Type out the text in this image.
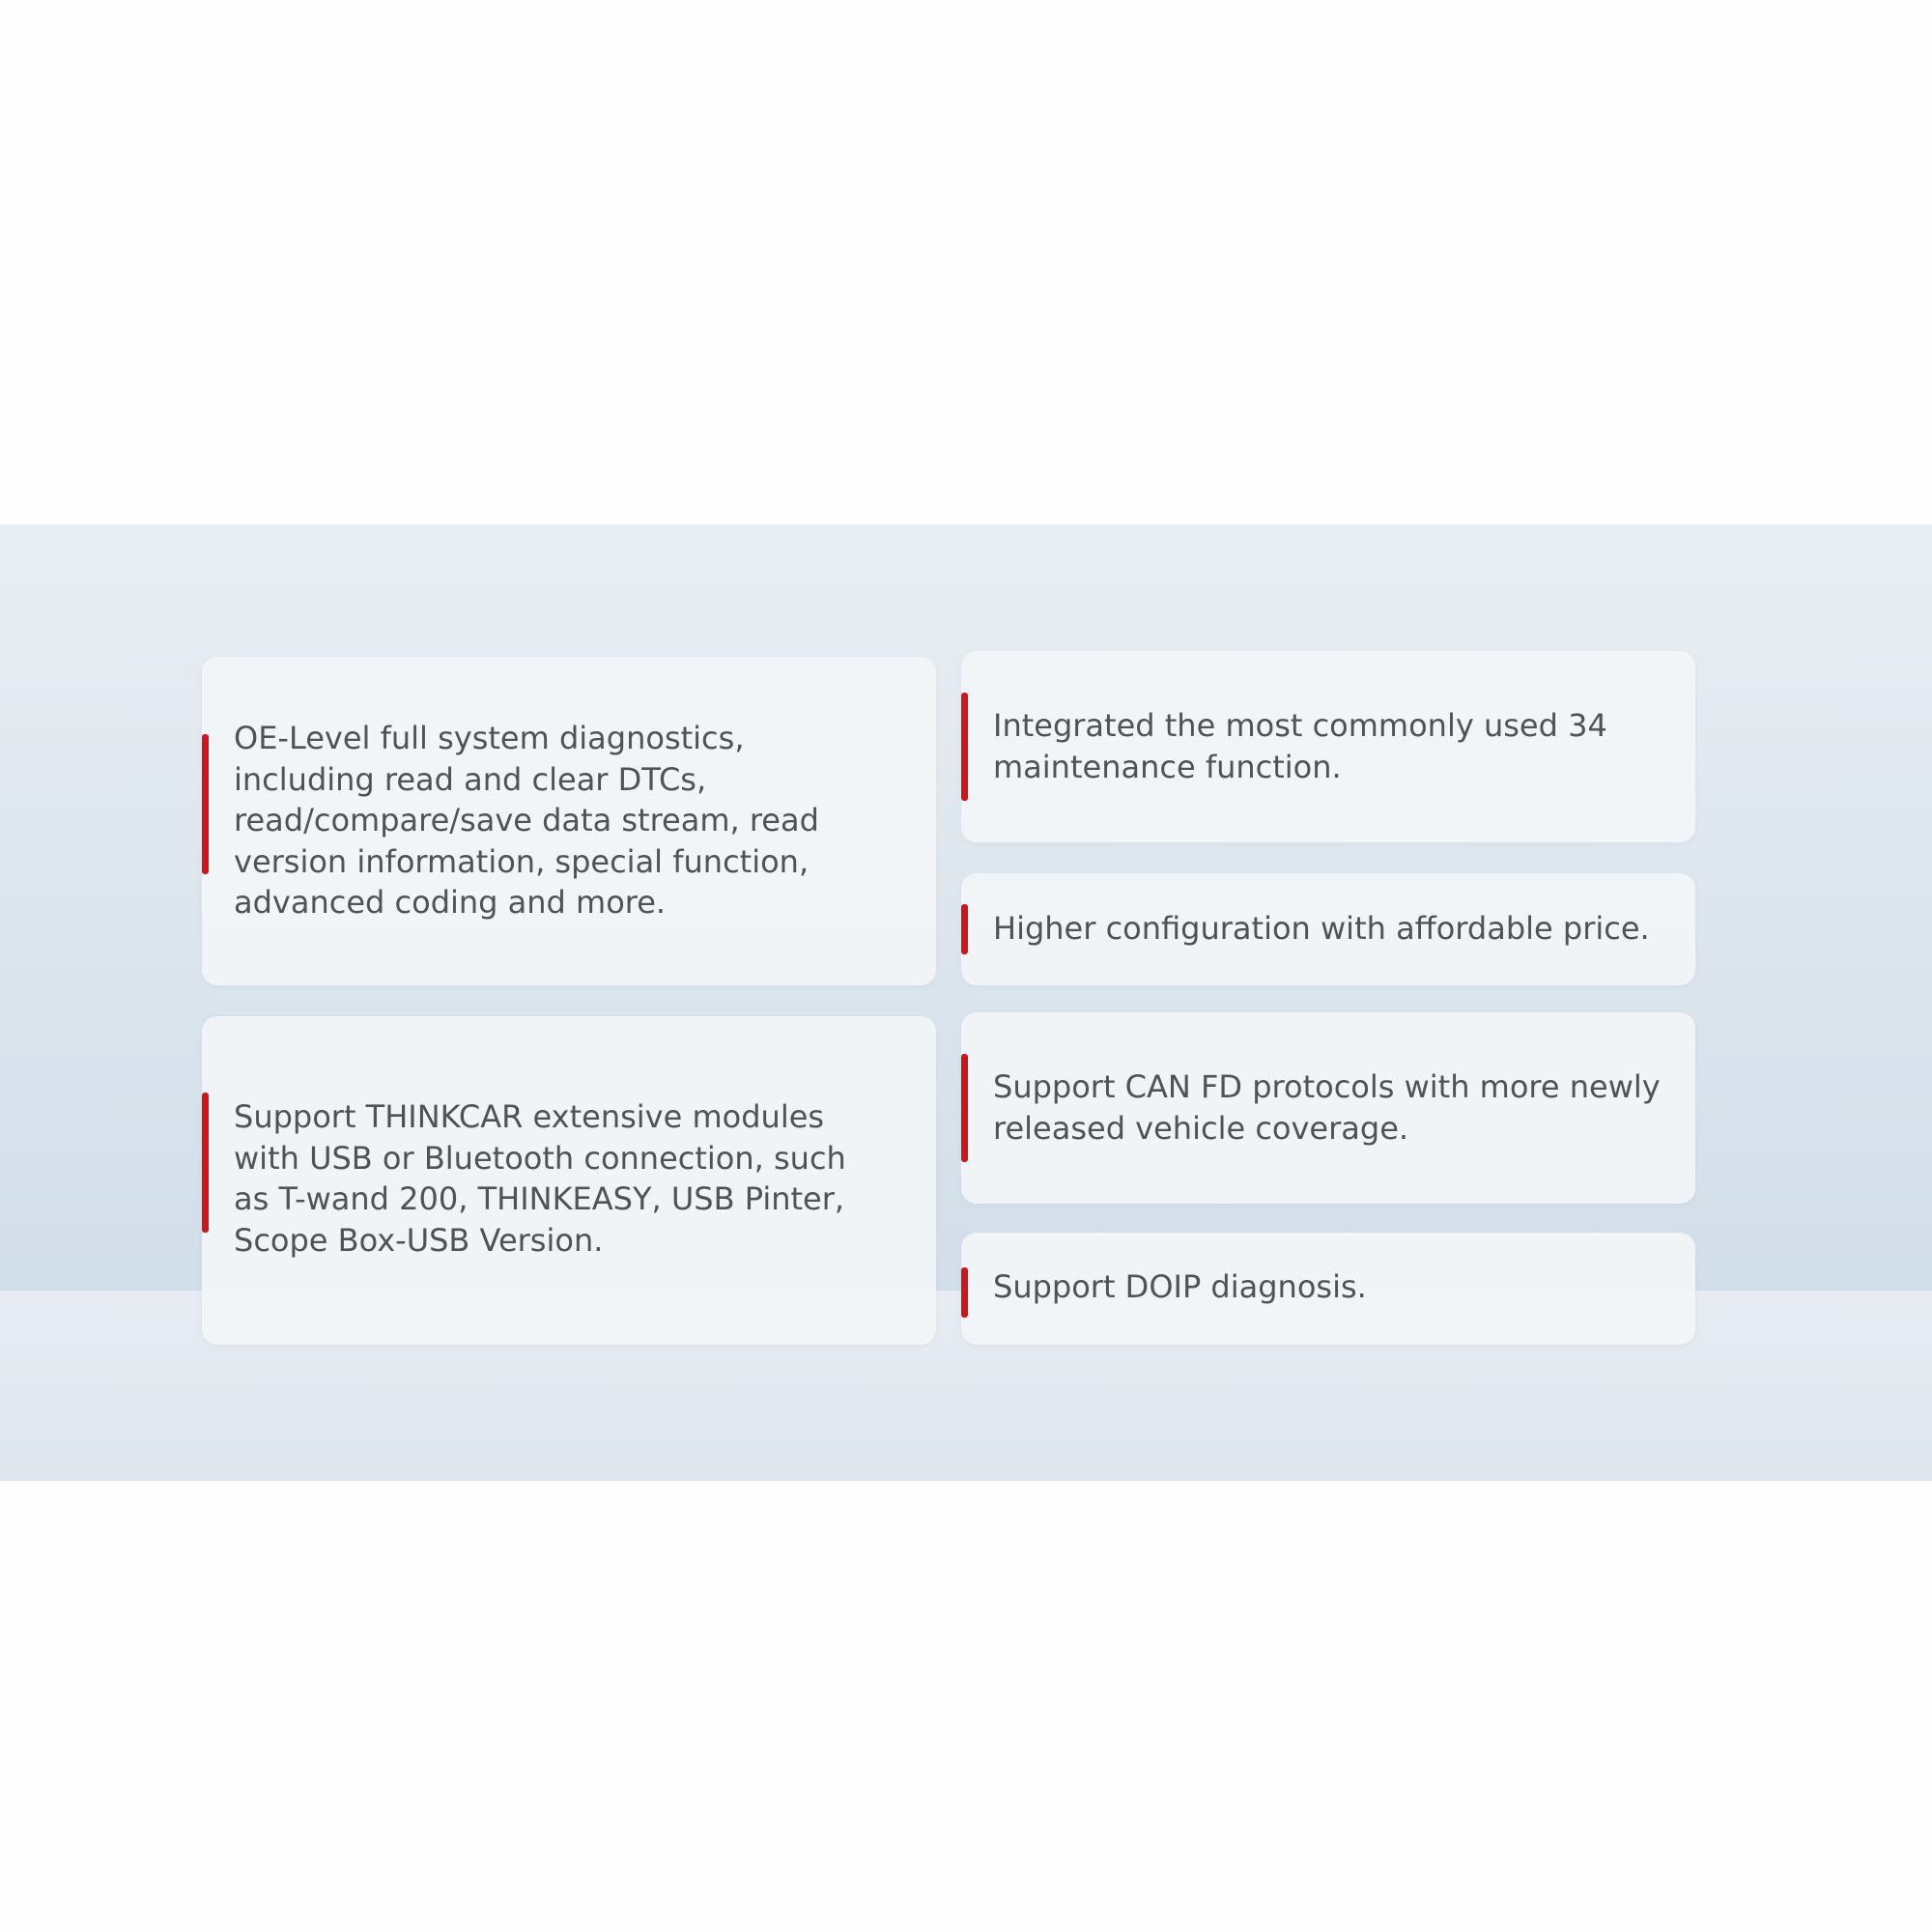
OE-Level full system diagnostics,
including read and clear DTCs,
read/compare/save data stream, read
version information, special function,
advanced coding and more.
Integrated the most commonly used 34
maintenance function.
Higher configuration with affordable price.
Support THINKCAR extensive modules
with USB or Bluetooth connection, such
as T-wand 200, THINKEASY, USB Pinter,
Scope Box-USB Version.
Support CAN FD protocols with more newly
released vehicle coverage.
Support DOIP diagnosis.
